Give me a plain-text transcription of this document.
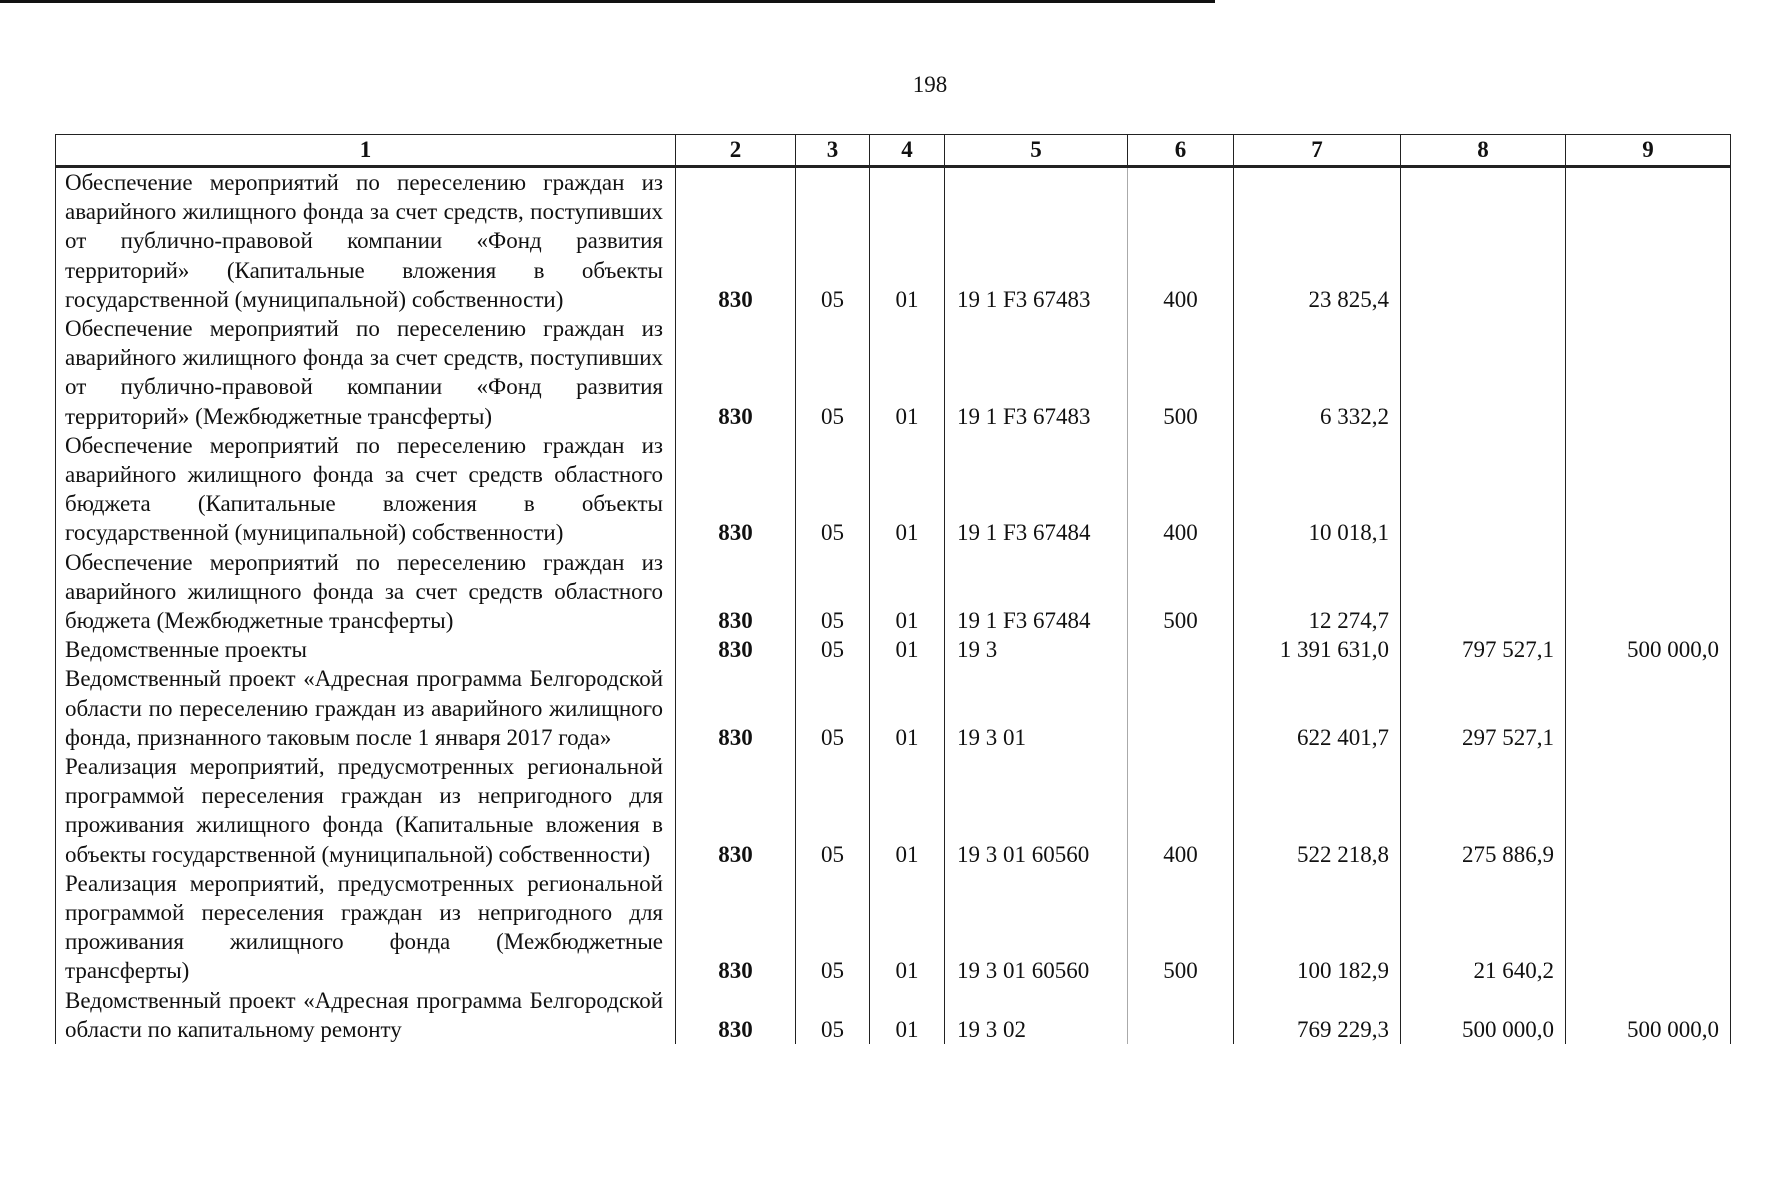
198
1	2	3	4	5	6	7	8	9
Обеспечение мероприятий по переселению граждан из аварийного жилищного фонда за счет средств, поступивших от публично-правовой компании «Фонд развития территорий» (Капитальные вложения в объекты государственной (муниципальной) собственности)	830	05	01	19 1 F3 67483	400	23 825,4		
Обеспечение мероприятий по переселению граждан из аварийного жилищного фонда за счет средств, поступивших от публично-правовой компании «Фонд развития территорий» (Межбюджетные трансферты)	830	05	01	19 1 F3 67483	500	6 332,2		
Обеспечение мероприятий по переселению граждан из аварийного жилищного фонда за счет средств областного бюджета (Капитальные вложения в объекты государственной (муниципальной) собственности)	830	05	01	19 1 F3 67484	400	10 018,1		
Обеспечение мероприятий по переселению граждан из аварийного жилищного фонда за счет средств областного бюджета (Межбюджетные трансферты)	830	05	01	19 1 F3 67484	500	12 274,7		
Ведомственные проекты	830	05	01	19 3		1 391 631,0	797 527,1	500 000,0
Ведомственный проект «Адресная программа Белгородской области по переселению граждан из аварийного жилищного фонда, признанного таковым после 1 января 2017 года»	830	05	01	19 3 01		622 401,7	297 527,1	
Реализация мероприятий, предусмотренных региональной программой переселения граждан из непригодного для проживания жилищного фонда (Капитальные вложения в объекты государственной (муниципальной) собственности)	830	05	01	19 3 01 60560	400	522 218,8	275 886,9	
Реализация мероприятий, предусмотренных региональной программой переселения граждан из непригодного для проживания жилищного фонда (Межбюджетные трансферты)	830	05	01	19 3 01 60560	500	100 182,9	21 640,2	
Ведомственный проект «Адресная программа Белгородской области по капитальному ремонту	830	05	01	19 3 02		769 229,3	500 000,0	500 000,0
